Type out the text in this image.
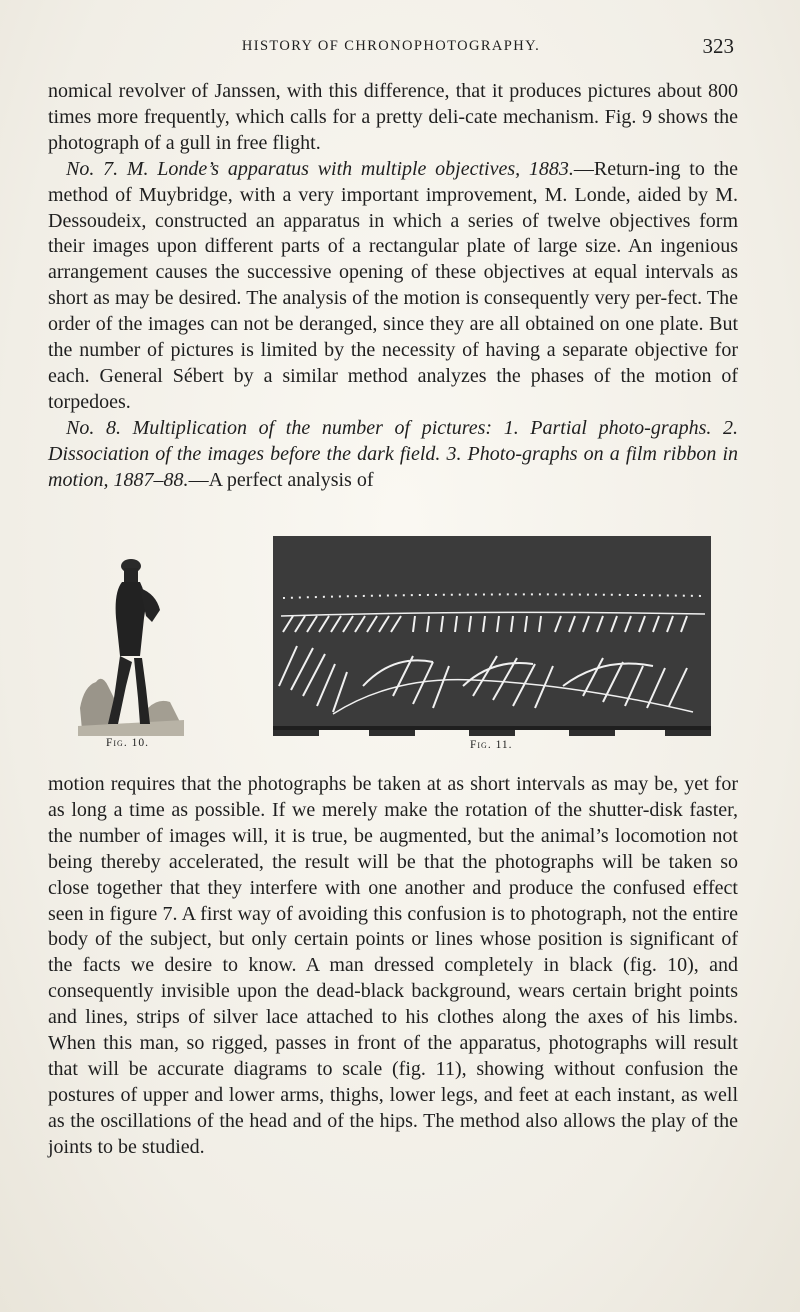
HISTORY OF CHRONOPHOTOGRAPHY.	323

nomical revolver of Janssen, with this difference, that it produces pictures about 800 times more frequently, which calls for a pretty deli-cate mechanism. Fig. 9 shows the photograph of a gull in free flight.

No. 7. M. Londe’s apparatus with multiple objectives, 1883.—Return-ing to the method of Muybridge, with a very important improvement, M. Londe, aided by M. Dessoudeix, constructed an apparatus in which a series of twelve objectives form their images upon different parts of a rectangular plate of large size. An ingenious arrangement causes the successive opening of these objectives at equal intervals as short as may be desired. The analysis of the motion is consequently very per-fect. The order of the images can not be deranged, since they are all obtained on one plate. But the number of pictures is limited by the necessity of having a separate objective for each. General Sébert by a similar method analyzes the phases of the motion of torpedoes.

No. 8. Multiplication of the number of pictures: 1. Partial photo-graphs. 2. Dissociation of the images before the dark field. 3. Photo-graphs on a film ribbon in motion, 1887–88.—A perfect analysis of

Fig. 10.	Fig. 11.

motion requires that the photographs be taken at as short intervals as may be, yet for as long a time as possible. If we merely make the rotation of the shutter-disk faster, the number of images will, it is true, be augmented, but the animal’s locomotion not being thereby accelerated, the result will be that the photographs will be taken so close together that they interfere with one another and produce the confused effect seen in figure 7. A first way of avoiding this confusion is to photograph, not the entire body of the subject, but only certain points or lines whose position is significant of the facts we desire to know. A man dressed completely in black (fig. 10), and consequently invisible upon the dead-black background, wears certain bright points and lines, strips of silver lace attached to his clothes along the axes of his limbs. When this man, so rigged, passes in front of the apparatus, photographs will result that will be accurate diagrams to scale (fig. 11), showing without confusion the postures of upper and lower arms, thighs, lower legs, and feet at each instant, as well as the oscillations of the head and of the hips. The method also allows the play of the joints to be studied.
